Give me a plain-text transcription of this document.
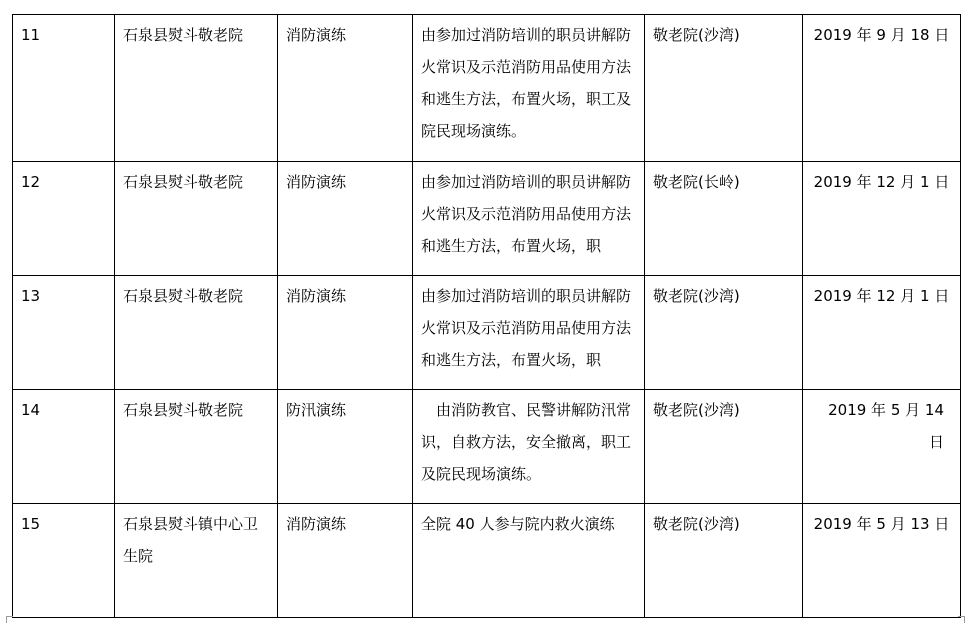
11	石泉县熨斗敬老院	消防演练	由参加过消防培训的职员讲解防火常识及示范消防用品使用方法和逃生方法，布置火场，职工及院民现场演练。	敬老院(沙湾)	2019 年 9 月 18 日
12	石泉县熨斗敬老院	消防演练	由参加过消防培训的职员讲解防火常识及示范消防用品使用方法和逃生方法，布置火场，职	敬老院(长岭)	2019 年 12 月 1 日
13	石泉县熨斗敬老院	消防演练	由参加过消防培训的职员讲解防火常识及示范消防用品使用方法和逃生方法，布置火场，职	敬老院(沙湾)	2019 年 12 月 1 日
14	石泉县熨斗敬老院	防汛演练	由消防教官、民警讲解防汛常识，自救方法，安全撤离，职工及院民现场演练。	敬老院(沙湾)	2019 年 5 月 14 日
15	石泉县熨斗镇中心卫生院	消防演练	全院 40 人参与院内救火演练	敬老院(沙湾)	2019 年 5 月 13 日
